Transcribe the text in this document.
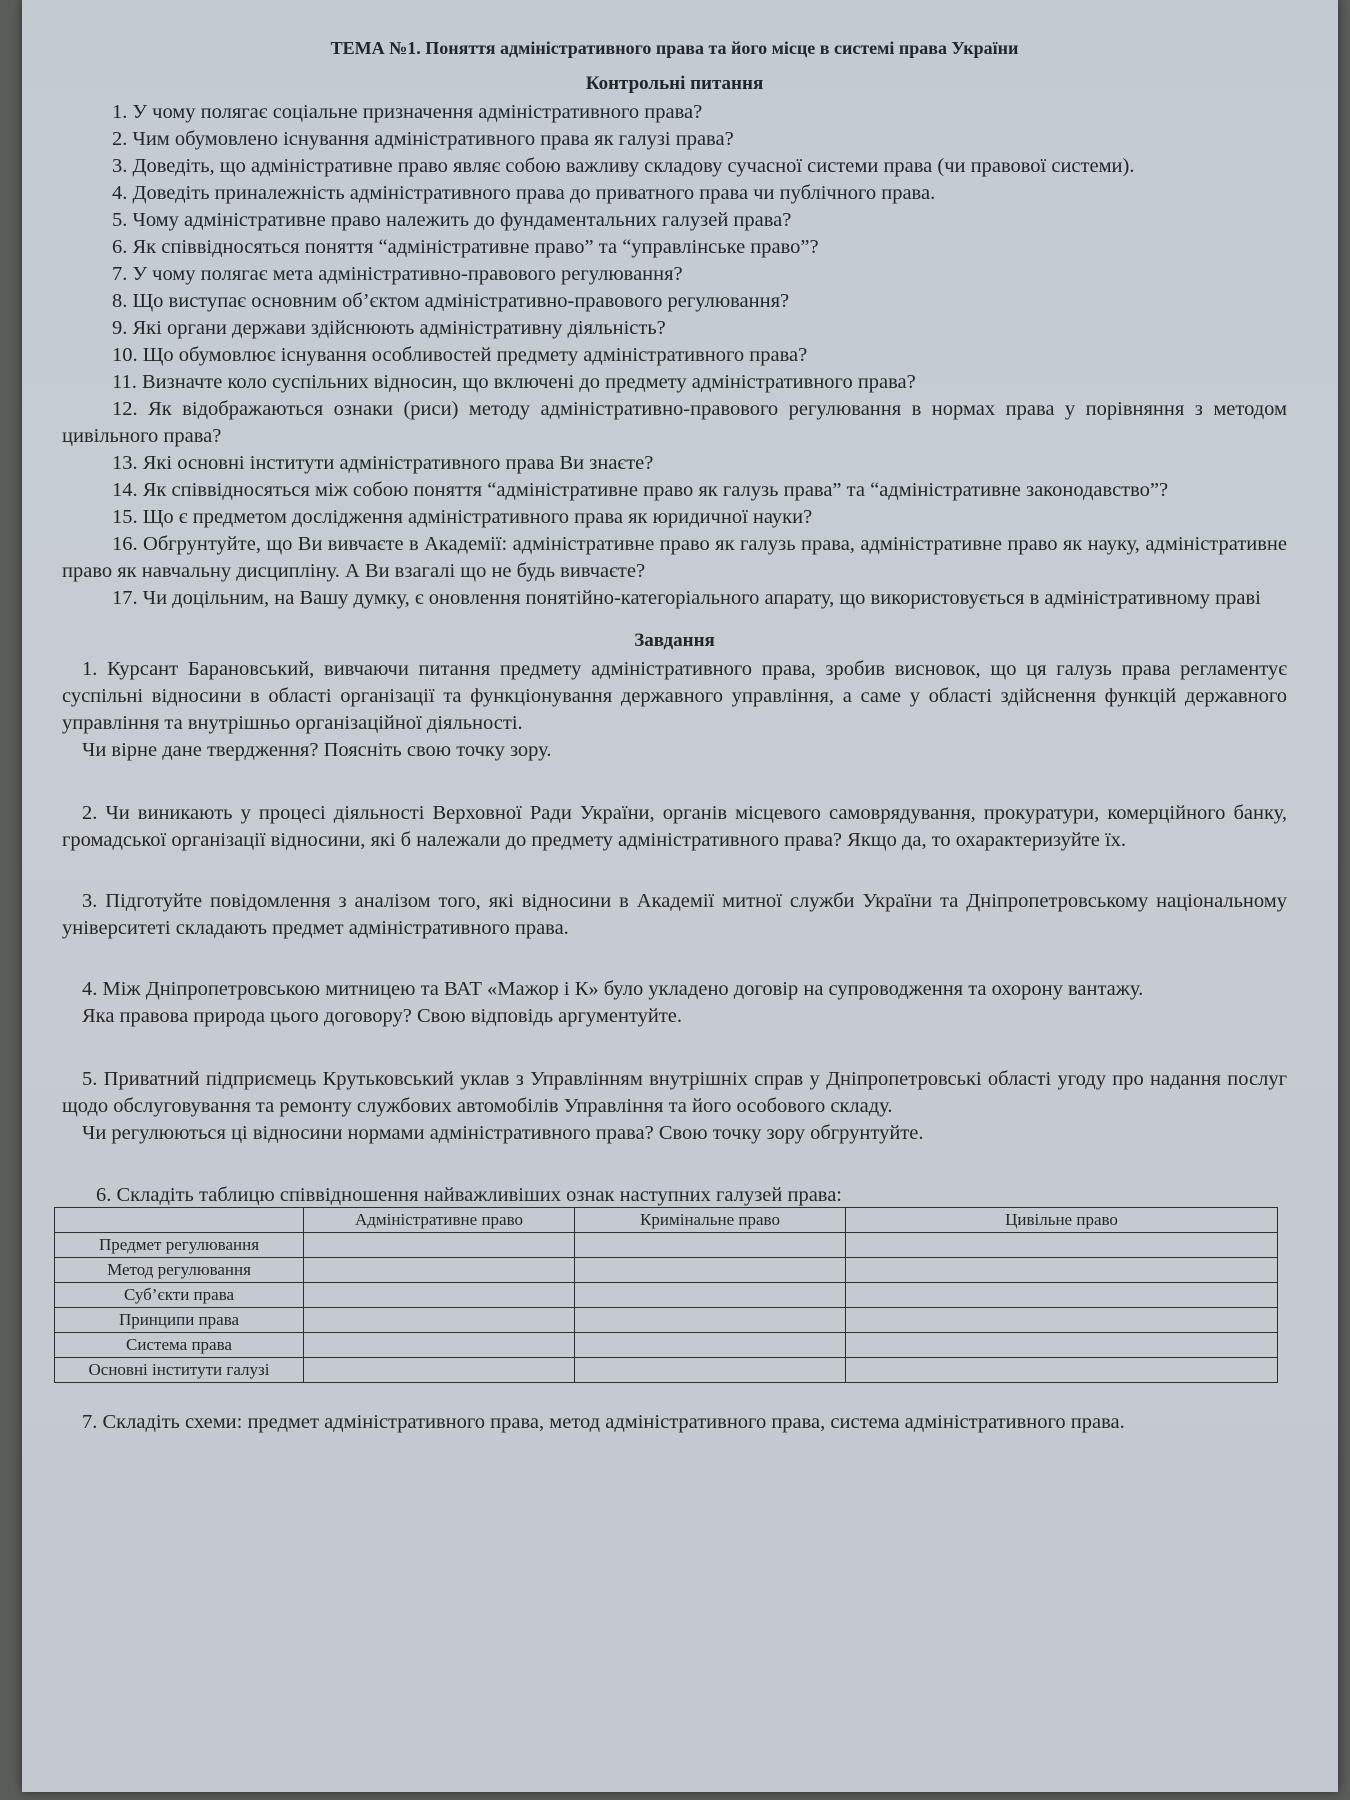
ТЕМА №1. Поняття адміністративного права та його місце в системі права України
Контрольні питання
1. У чому полягає соціальне призначення адміністративного права?
2. Чим обумовлено існування адміністративного права як галузі права?
3. Доведіть, що адміністративне право являє собою важливу складову сучасної системи права (чи правової системи).
4. Доведіть приналежність адміністративного права до приватного права чи публічного права.
5. Чому адміністративне право належить до фундаментальних галузей права?
6. Як співвідносяться поняття “адміністративне право” та “управлінське право”?
7. У чому полягає мета адміністративно-правового регулювання?
8. Що виступає основним об’єктом адміністративно-правового регулювання?
9. Які органи держави здійснюють адміністративну діяльність?
10. Що обумовлює існування особливостей предмету адміністративного права?
11. Визначте коло суспільних відносин, що включені до предмету адміністративного права?
12. Як відображаються ознаки (риси) методу адміністративно-правового регулювання в нормах права у порівняння з методом цивільного права?
13. Які основні інститути адміністративного права Ви знаєте?
14. Як співвідносяться між собою поняття “адміністративне право як галузь права” та “адміністративне законодавство”?
15. Що є предметом дослідження адміністративного права як юридичної науки?
16. Обгрунтуйте, що Ви вивчаєте в Академії: адміністративне право як галузь права, адміністративне право як науку, адміністративне право як навчальну дисципліну. А Ви взагалі що не будь вивчаєте?
17. Чи доцільним, на Вашу думку, є оновлення понятійно-категоріального апарату, що використовується в адміністративному праві
Завдання

1. Курсант Барановський, вивчаючи питання предмету адміністративного права, зробив висновок, що ця галузь права регламентує суспільні відносини в області організації та функціонування державного управління, а саме у області здійснення функцій державного управління та внутрішньо організаційної діяльності.

Чи вірне дане твердження? Поясніть свою точку зору.

2. Чи виникають у процесі діяльності Верховної Ради України, органів місцевого самоврядування, прокуратури, комерційного банку, громадської організації відносини, які б належали до предмету адміністративного права? Якщо да, то охарактеризуйте їх.

3. Підготуйте повідомлення з аналізом того, які відносини в Академії митної служби України та Дніпропетровському національному університеті складають предмет адміністративного права.

4. Між Дніпропетровською митницею та ВАТ «Мажор і К» було укладено договір на супроводження та охорону вантажу.

Яка правова природа цього договору? Свою відповідь аргументуйте.

5. Приватний підприємець Крутьковський уклав з Управлінням внутрішніх справ у Дніпропетровські області угоду про надання послуг щодо обслуговування та ремонту службових автомобілів Управління та його особового складу.

Чи регулюються ці відносини нормами адміністративного права? Свою точку зору обгрунтуйте.

6. Складіть таблицю співвідношення найважливіших ознак наступних галузей права:

	Адміністративне право	Кримінальне право	Цивільне право
Предмет регулювання			
Метод регулювання			
Суб’єкти права			
Принципи права			
Система права			
Основні інститути галузі			

7. Складіть схеми: предмет адміністративного права, метод адміністративного права, система адміністративного права.
